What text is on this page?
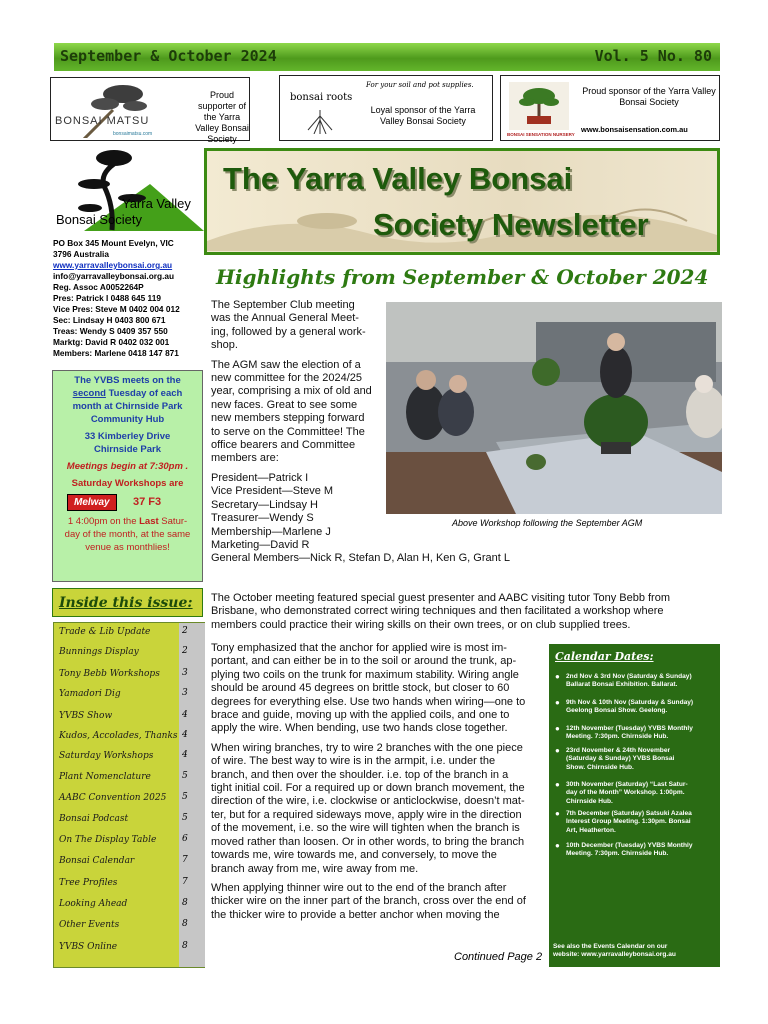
September & October 2024	Vol. 5 No. 80
BONSAI MATSU
bonsaimatsu.com
Proud supporter of the Yarra Valley Bonsai Society
For your soil and pot supplies.
bonsai roots
Loyal sponsor of the Yarra Valley Bonsai Society
BONSAI SENSATION NURSERY
Proud sponsor of the Yarra Valley Bonsai Society
www.bonsaisensation.com.au
Yarra Valley
Bonsai Society
The Yarra Valley Bonsai
Society Newsletter
PO Box 345 Mount Evelyn, VIC
3796 Australia
www.yarravalleybonsai.org.au
info@yarravalleybonsai.org.au
Reg. Assoc A0052264P
Pres: Patrick I 0488 645 119
Vice Pres: Steve M 0402 004 012
Sec: Lindsay H 0403 800 671
Treas: Wendy S 0409 357 550
Marktg: David R 0402 032 001
Members: Marlene 0418 147 871
The YVBS meets on the
second Tuesday of each
month at Chirnside Park
Community Hub
33 Kimberley Drive
Chirnside Park
Meetings begin at 7:30pm .
Saturday Workshops are
Melway	37 F3
1 4:00pm on the Last Satur-
day of the month, at the same
venue as monthlies!
Inside this issue:
Trade & Lib Update	2
Bunnings Display	2
Tony Bebb Workshops 3
Yamadori Dig	3
YVBS Show	4
Kudos, Accolades, Thanks 4
Saturday Workshops	4
Plant Nomenclature	5
AABC Convention 2025 5
Bonsai Podcast	5
On The Display Table	6
Bonsai Calendar	7
Tree Profiles	7
Looking Ahead	8
Other Events	8
YVBS Online	8
Highlights from September & October 2024
The September Club meeting
was the Annual General Meet-
ing, followed by a general work-
shop.
The AGM saw the election of a
new committee for the 2024/25
year, comprising a mix of old and
new faces. Great to see some
new members stepping forward
to serve on the Committee! The
office bearers and Committee
members are:
President—Patrick I
Vice President—Steve M
Secretary—Lindsay H
Treasurer—Wendy S
Membership—Marlene J
Marketing—David R
General Members—Nick R, Stefan D, Alan H, Ken G, Grant L
Above Workshop following the September AGM
The October meeting featured special guest presenter and AABC visiting tutor Tony Bebb from
Brisbane, who demonstrated correct wiring techniques and then facilitated a workshop where
members could practice their wiring skills on their own trees, or on club supplied trees.
Tony emphasized that the anchor for applied wire is most im-
portant, and can either be in to the soil or around the trunk, ap-
plying two coils on the trunk for maximum stability. Wiring angle
should be around 45 degrees on brittle stock, but closer to 60
degrees for everything else. Use two hands when wiring—one to
brace and guide, moving up with the applied coils, and one to
apply the wire. When bending, use two hands close together.
When wiring branches, try to wire 2 branches with the one piece
of wire. The best way to wire is in the armpit, i.e. under the
branch, and then over the shoulder. i.e. top of the branch in a
tight initial coil. For a required up or down branch movement, the
direction of the wire, i.e. clockwise or anticlockwise, doesn’t mat-
ter, but for a required sideways move, apply wire in the direction
of the movement, i.e. so the wire will tighten when the branch is
moved rather than loosen. Or in other words, to bring the branch
towards me, wire towards me, and conversely, to move the
branch away from me, wire away from me.
When applying thinner wire out to the end of the branch after
thicker wire on the inner part of the branch, cross over the end of
the thicker wire to provide a better anchor when moving the
Calendar Dates:
● 2nd Nov & 3rd Nov (Saturday & Sunday)
Ballarat Bonsai Exhibition. Ballarat.
● 9th Nov & 10th Nov (Saturday & Sunday)
Geelong Bonsai Show. Geelong.
● 12th November (Tuesday) YVBS Monthly
Meeting. 7:30pm. Chirnside Hub.
● 23rd November & 24th November
(Saturday & Sunday) YVBS Bonsai
Show. Chirnside Hub.
● 30th November (Saturday) “Last Satur-
day of the Month” Workshop. 1:00pm.
Chirnside Hub.
● 7th December (Saturday) Satsuki Azalea
Interest Group Meeting. 1:30pm. Bonsai
Art, Heatherton.
● 10th December (Tuesday) YVBS Monthly
Meeting. 7:30pm. Chirnside Hub.
See also the Events Calendar on our
website: www.yarravalleybonsai.org.au
Continued Page 2
